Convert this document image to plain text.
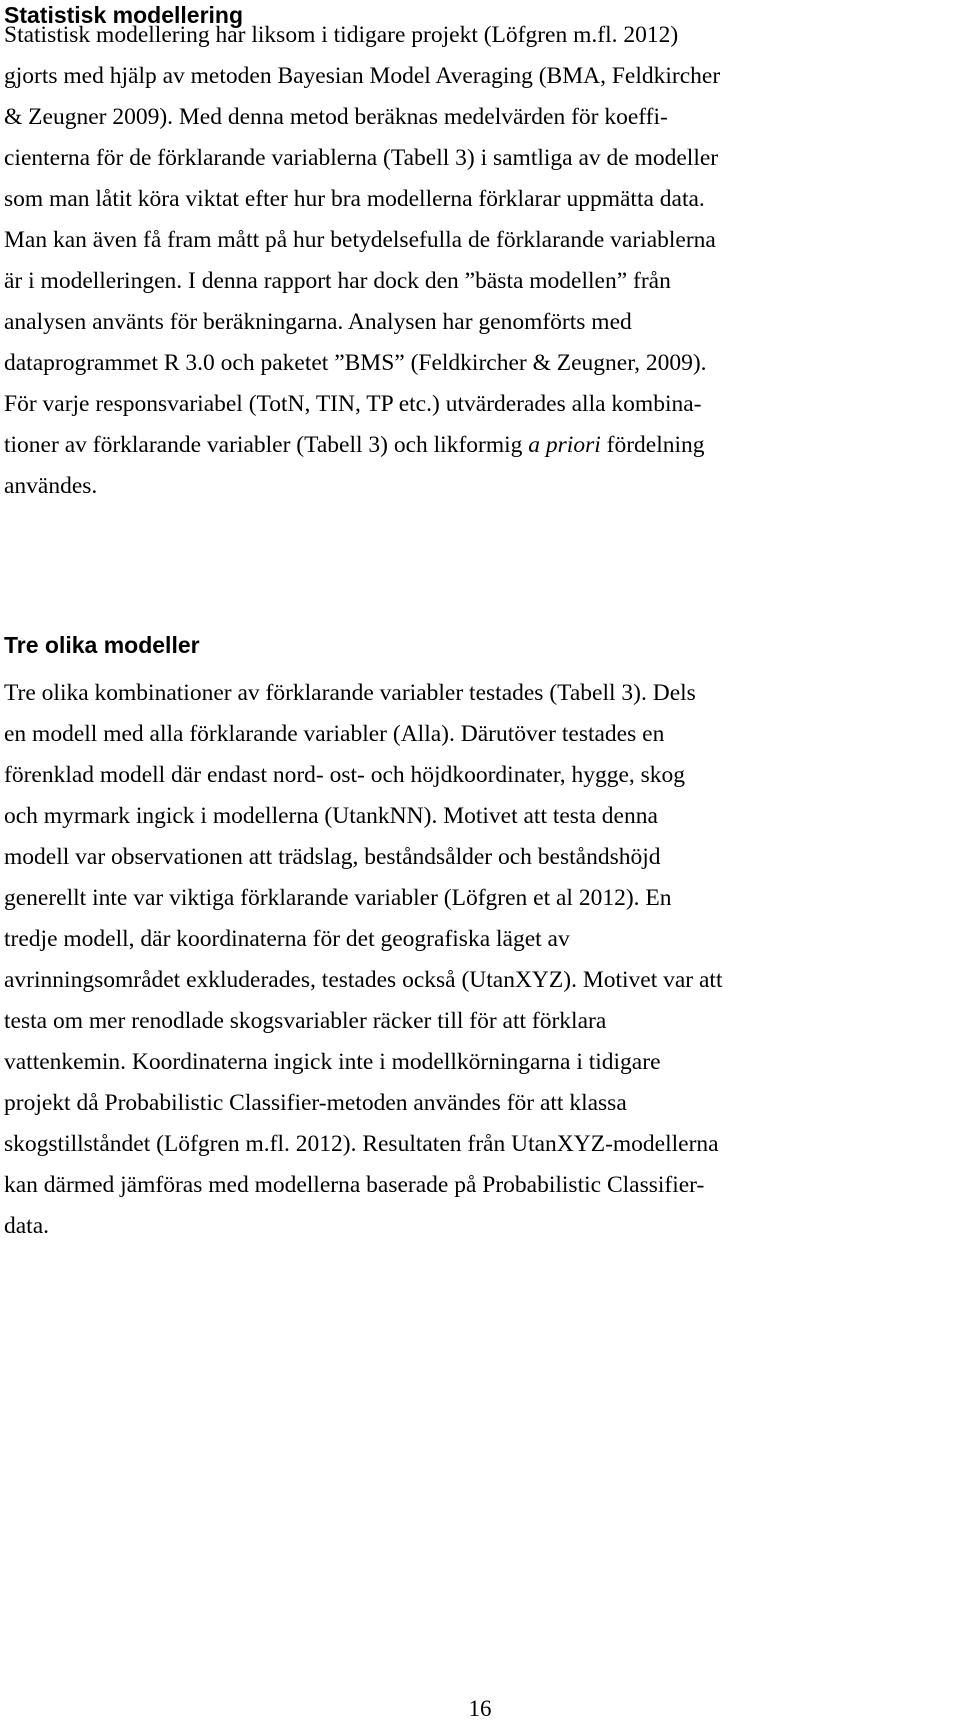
Statistisk modellering

Statistisk modellering har liksom i tidigare projekt (Löfgren m.fl. 2012)
gjorts med hjälp av metoden Bayesian Model Averaging (BMA, Feldkircher
& Zeugner 2009). Med denna metod beräknas medelvärden för koeffi-
cienterna för de förklarande variablerna (Tabell 3) i samtliga av de modeller
som man låtit köra viktat efter hur bra modellerna förklarar uppmätta data.
Man kan även få fram mått på hur betydelsefulla de förklarande variablerna
är i modelleringen. I denna rapport har dock den ”bästa modellen” från
analysen använts för beräkningarna. Analysen har genomförts med
dataprogrammet R 3.0 och paketet ”BMS” (Feldkircher & Zeugner, 2009).
För varje responsvariabel (TotN, TIN, TP etc.) utvärderades alla kombina-
tioner av förklarande variabler (Tabell 3) och likformig a priori fördelning
användes.

Tre olika modeller

Tre olika kombinationer av förklarande variabler testades (Tabell 3). Dels
en modell med alla förklarande variabler (Alla). Därutöver testades en
förenklad modell där endast nord- ost- och höjdkoordinater, hygge, skog
och myrmark ingick i modellerna (UtankNN). Motivet att testa denna
modell var observationen att trädslag, beståndsålder och beståndshöjd
generellt inte var viktiga förklarande variabler (Löfgren et al 2012). En
tredje modell, där koordinaterna för det geografiska läget av
avrinningsområdet exkluderades, testades också (UtanXYZ). Motivet var att
testa om mer renodlade skogsvariabler räcker till för att förklara
vattenkemin. Koordinaterna ingick inte i modellkörningarna i tidigare
projekt då Probabilistic Classifier-metoden användes för att klassa
skogstillståndet (Löfgren m.fl. 2012). Resultaten från UtanXYZ-modellerna
kan därmed jämföras med modellerna baserade på Probabilistic Classifier-
data.

16
